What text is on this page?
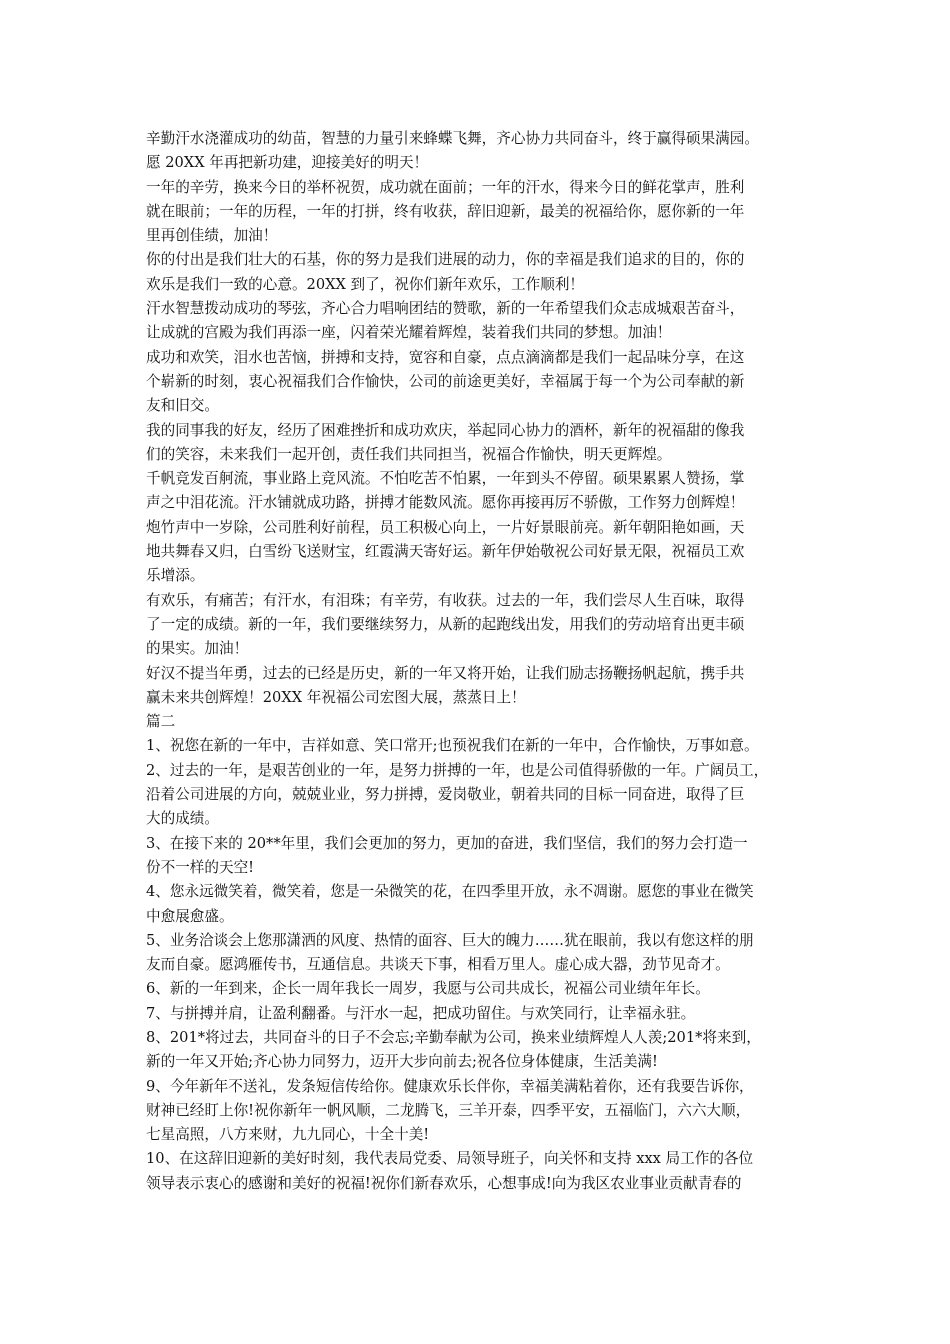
辛勤汗水浇灌成功的幼苗，智慧的力量引来蜂蝶飞舞，齐心协力共同奋斗，终于赢得硕果满园。
愿 20XX 年再把新功建，迎接美好的明天！
一年的辛劳，换来今日的举杯祝贺，成功就在面前；一年的汗水，得来今日的鲜花掌声，胜利
就在眼前；一年的历程，一年的打拼，终有收获，辞旧迎新，最美的祝福给你，愿你新的一年
里再创佳绩，加油！
你的付出是我们壮大的石基，你的努力是我们进展的动力，你的幸福是我们追求的目的，你的
欢乐是我们一致的心意。20XX 到了，祝你们新年欢乐，工作顺利！
汗水智慧拨动成功的琴弦，齐心合力唱响团结的赞歌，新的一年希望我们众志成城艰苦奋斗，
让成就的宫殿为我们再添一座，闪着荣光耀着辉煌，装着我们共同的梦想。加油！
成功和欢笑，泪水也苦恼，拼搏和支持，宽容和自豪，点点滴滴都是我们一起品味分享，在这
个崭新的时刻，衷心祝福我们合作愉快，公司的前途更美好，幸福属于每一个为公司奉献的新
友和旧交。
我的同事我的好友，经历了困难挫折和成功欢庆，举起同心协力的酒杯，新年的祝福甜的像我
们的笑容，未来我们一起开创，责任我们共同担当，祝福合作愉快，明天更辉煌。
千帆竞发百舸流，事业路上竞风流。不怕吃苦不怕累，一年到头不停留。硕果累累人赞扬，掌
声之中泪花流。汗水铺就成功路，拼搏才能数风流。愿你再接再厉不骄傲，工作努力创辉煌！
炮竹声中一岁除，公司胜利好前程，员工积极心向上，一片好景眼前亮。新年朝阳艳如画，天
地共舞春又归，白雪纷飞送财宝，红霞满天寄好运。新年伊始敬祝公司好景无限，祝福员工欢
乐增添。
有欢乐，有痛苦；有汗水，有泪珠；有辛劳，有收获。过去的一年，我们尝尽人生百味，取得
了一定的成绩。新的一年，我们要继续努力，从新的起跑线出发，用我们的劳动培育出更丰硕
的果实。加油！
好汉不提当年勇，过去的已经是历史，新的一年又将开始，让我们励志扬鞭扬帆起航，携手共
赢未来共创辉煌！20XX 年祝福公司宏图大展，蒸蒸日上！
篇二
1、祝您在新的一年中，吉祥如意、笑口常开;也预祝我们在新的一年中，合作愉快，万事如意。
2、过去的一年，是艰苦创业的一年，是努力拼搏的一年，也是公司值得骄傲的一年。广阔员工，
沿着公司进展的方向，兢兢业业，努力拼搏，爱岗敬业，朝着共同的目标一同奋进，取得了巨
大的成绩。
3、在接下来的 20**年里，我们会更加的努力，更加的奋进，我们坚信，我们的努力会打造一
份不一样的天空!
4、您永远微笑着，微笑着，您是一朵微笑的花，在四季里开放，永不凋谢。愿您的事业在微笑
中愈展愈盛。
5、业务洽谈会上您那潇洒的风度、热情的面容、巨大的魄力……犹在眼前，我以有您这样的朋
友而自豪。愿鸿雁传书，互通信息。共谈天下事，相看万里人。虚心成大器，劲节见奇才。
6、新的一年到来，企长一周年我长一周岁，我愿与公司共成长，祝福公司业绩年年长。
7、与拼搏并肩，让盈利翻番。与汗水一起，把成功留住。与欢笑同行，让幸福永驻。
8、201*将过去，共同奋斗的日子不会忘;辛勤奉献为公司，换来业绩辉煌人人羡;201*将来到，
新的一年又开始;齐心协力同努力，迈开大步向前去;祝各位身体健康，生活美满!
9、今年新年不送礼，发条短信传给你。健康欢乐长伴你，幸福美满粘着你，还有我要告诉你，
财神已经盯上你!祝你新年一帆风顺，二龙腾飞，三羊开泰，四季平安，五福临门，六六大顺，
七星高照，八方来财，九九同心，十全十美!
10、在这辞旧迎新的美好时刻，我代表局党委、局领导班子，向关怀和支持 xxx 局工作的各位
领导表示衷心的感谢和美好的祝福!祝你们新春欢乐，心想事成!向为我区农业事业贡献青春的
